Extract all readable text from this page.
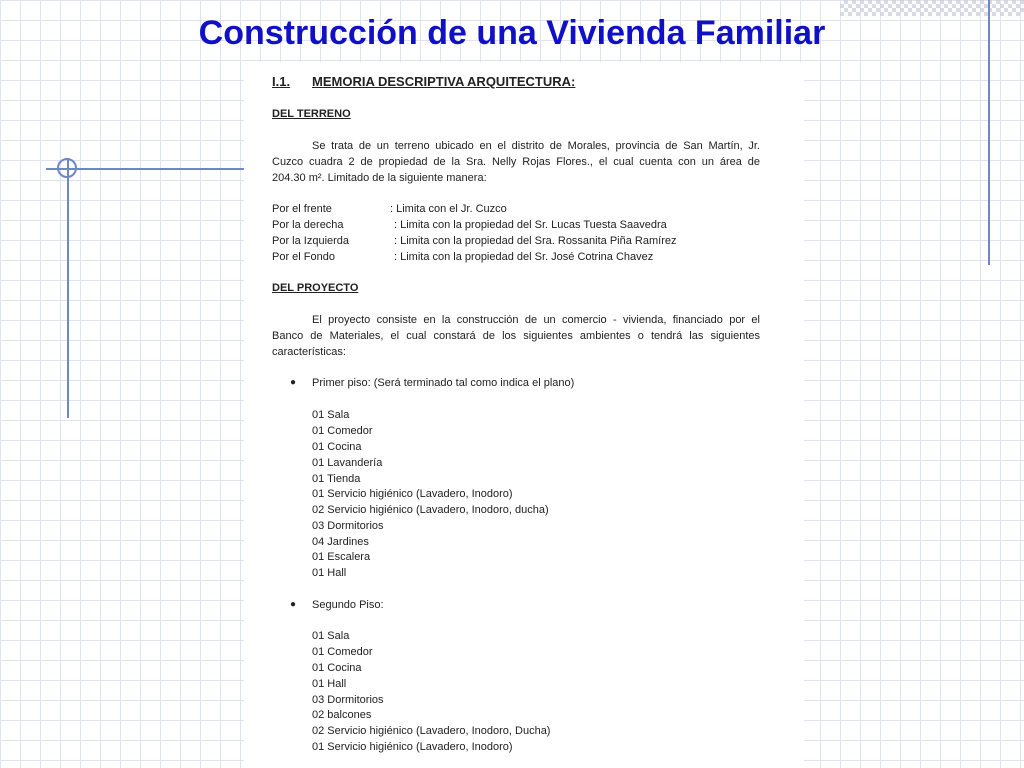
Construcción de una Vivienda Familiar
I.1. MEMORIA DESCRIPTIVA ARQUITECTURA:
DEL TERRENO
Se trata de un terreno ubicado en el distrito de Morales, provincia de San Martín, Jr.
Cuzco cuadra 2 de propiedad de la Sra. Nelly Rojas Flores., el cual cuenta con un área de
204.30 m². Limitado de la siguiente manera:
Por el frente	: Limita con el Jr. Cuzco
Por la derecha	: Limita con la propiedad del Sr. Lucas Tuesta Saavedra
Por la Izquierda	: Limita con la propiedad del Sra. Rossanita Piña Ramírez
Por el Fondo	: Limita con la propiedad del Sr. José Cotrina Chavez
DEL PROYECTO
El proyecto consiste en la construcción de un comercio - vivienda, financiado por el
Banco de Materiales, el cual constará de los siguientes ambientes o tendrá las siguientes
características:
● Primer piso: (Será terminado tal como indica el plano)
01 Sala
01 Comedor
01 Cocina
01 Lavandería
01 Tienda
01 Servicio higiénico (Lavadero, Inodoro)
02 Servicio higiénico (Lavadero, Inodoro, ducha)
03 Dormitorios
04 Jardines
01 Escalera
01 Hall
● Segundo Piso:
01 Sala
01 Comedor
01 Cocina
01 Hall
03 Dormitorios
02 balcones
02 Servicio higiénico (Lavadero, Inodoro, Ducha)
01 Servicio higiénico (Lavadero, Inodoro)
